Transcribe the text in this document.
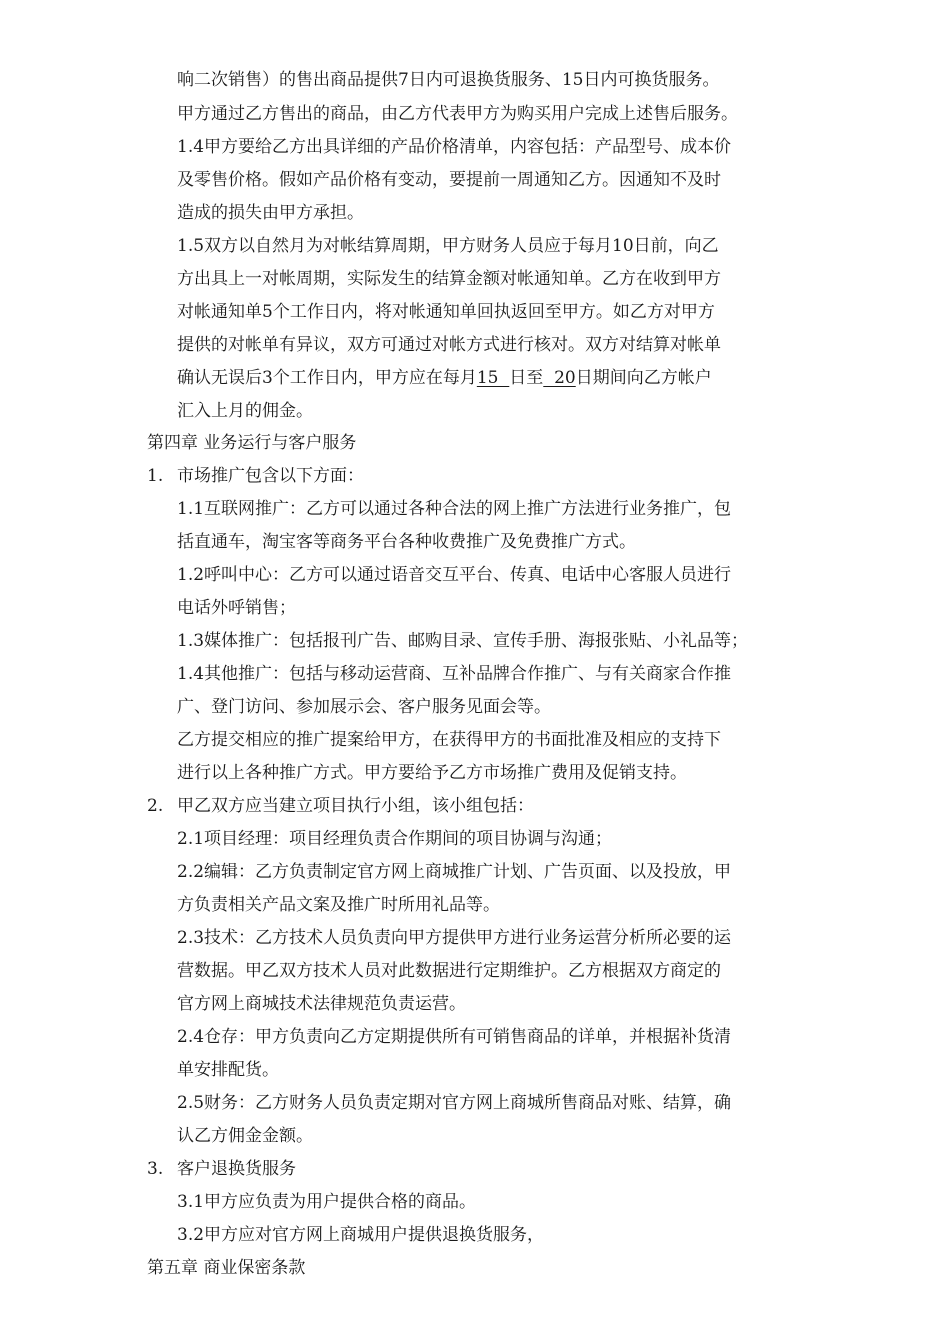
响二次销售）的售出商品提供7日内可退换货服务、15日内可换货服务。
甲方通过乙方售出的商品，由乙方代表甲方为购买用户完成上述售后服务。
1.4甲方要给乙方出具详细的产品价格清单，内容包括：产品型号、成本价
及零售价格。假如产品价格有变动，要提前一周通知乙方。因通知不及时
造成的损失由甲方承担。
1.5双方以自然月为对帐结算周期，甲方财务人员应于每月10日前，向乙
方出具上一对帐周期，实际发生的结算金额对帐通知单。乙方在收到甲方
对帐通知单5个工作日内，将对帐通知单回执返回至甲方。如乙方对甲方
提供的对帐单有异议，双方可通过对帐方式进行核对。双方对结算对帐单
确认无误后3个工作日内，甲方应在每月15  日至  20日期间向乙方帐户
汇入上月的佣金。
第四章 业务运行与客户服务
1. 市场推广包含以下方面：
1.1互联网推广：乙方可以通过各种合法的网上推广方法进行业务推广，包
括直通车，淘宝客等商务平台各种收费推广及免费推广方式。
1.2呼叫中心：乙方可以通过语音交互平台、传真、电话中心客服人员进行
电话外呼销售；
1.3媒体推广：包括报刊广告、邮购目录、宣传手册、海报张贴、小礼品等；
1.4其他推广：包括与移动运营商、互补品牌合作推广、与有关商家合作推
广、登门访问、参加展示会、客户服务见面会等。
乙方提交相应的推广提案给甲方，在获得甲方的书面批准及相应的支持下
进行以上各种推广方式。甲方要给予乙方市场推广费用及促销支持。
2. 甲乙双方应当建立项目执行小组，该小组包括：
2.1项目经理：项目经理负责合作期间的项目协调与沟通；
2.2编辑：乙方负责制定官方网上商城推广计划、广告页面、以及投放，甲
方负责相关产品文案及推广时所用礼品等。
2.3技术：乙方技术人员负责向甲方提供甲方进行业务运营分析所必要的运
营数据。甲乙双方技术人员对此数据进行定期维护。乙方根据双方商定的
官方网上商城技术法律规范负责运营。
2.4仓存：甲方负责向乙方定期提供所有可销售商品的详单，并根据补货清
单安排配货。
2.5财务：乙方财务人员负责定期对官方网上商城所售商品对账、结算，确
认乙方佣金金额。
3. 客户退换货服务
3.1甲方应负责为用户提供合格的商品。
3.2甲方应对官方网上商城用户提供退换货服务，
第五章 商业保密条款
